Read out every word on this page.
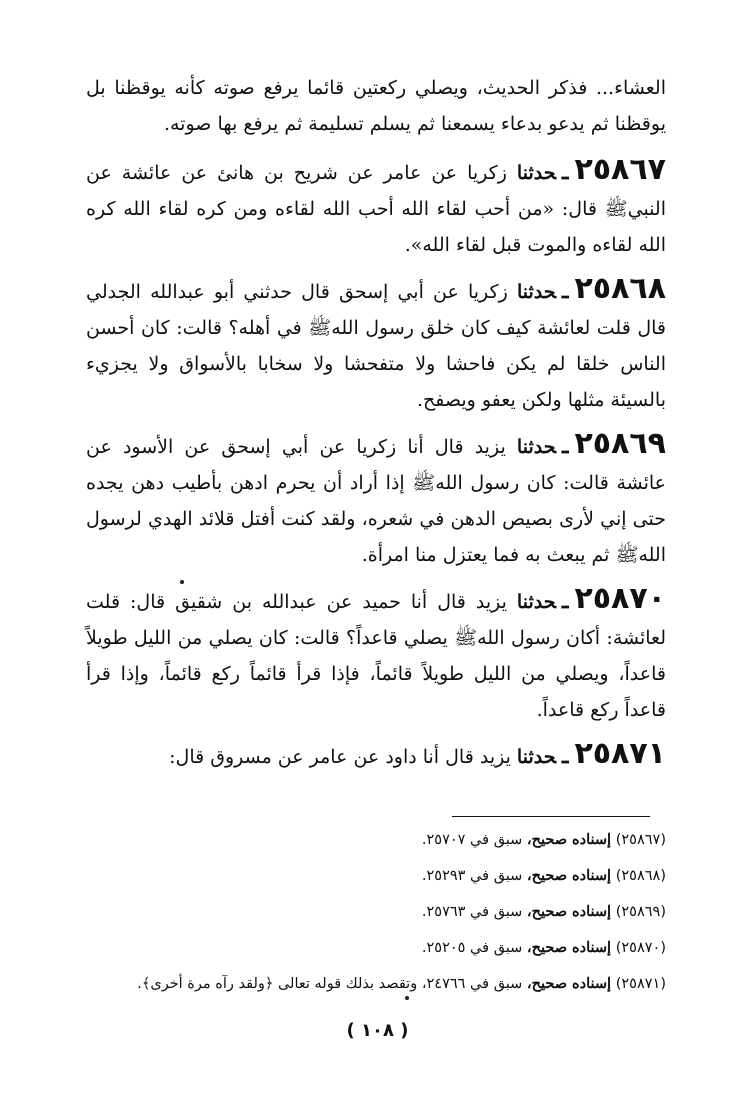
العشاء... فذكر الحديث، ويصلي ركعتين قائما يرفع صوته كأنه يوقظنا بل يوقظنا ثم يدعو بدعاء يسمعنا ثم يسلم تسليمة ثم يرفع بها صوته.

٢٥٨٦٧ـحدثنا زكريا عن عامر عن شريح بن هانئ عن عائشة عن النبيﷺ قال: «من أحب لقاء الله أحب الله لقاءه ومن كره لقاء الله كره الله لقاءه والموت قبل لقاء الله».

٢٥٨٦٨ـحدثنا زكريا عن أبي إسحق قال حدثني أبو عبدالله الجدلي قال قلت لعائشة كيف كان خلق رسول اللهﷺ في أهله؟ قالت: كان أحسن الناس خلقا لم يكن فاحشا ولا متفحشا ولا سخابا بالأسواق ولا يجزيء بالسيئة مثلها ولكن يعفو ويصفح.

٢٥٨٦٩ـحدثنا يزيد قال أنا زكريا عن أبي إسحق عن الأسود عن عائشة قالت: كان رسول اللهﷺ إذا أراد أن يحرم ادهن بأطيب دهن يجده حتى إني لأرى بصيص الدهن في شعره، ولقد كنت أفتل قلائد الهدي لرسول اللهﷺ ثم يبعث به فما يعتزل منا امرأة.

٢٥٨٧٠ـحدثنا يزيد قال أنا حميد عن عبدالله بن شقيق قال: قلت لعائشة: أكان رسول اللهﷺ يصلي قاعداً؟ قالت: كان يصلي من الليل طويلاً قاعداً، ويصلي من الليل طويلاً قائماً، فإذا قرأ قائماً ركع قائماً، وإذا قرأ قاعداً ركع قاعداً.

٢٥٨٧١ـحدثنا يزيد قال أنا داود عن عامر عن مسروق قال:

(٢٥٨٦٧) إسناده صحيح، سبق في ٢٥٧٠٧.

(٢٥٨٦٨) إسناده صحيح، سبق في ٢٥٢٩٣.

(٢٥٨٦٩) إسناده صحيح، سبق في ٢٥٧٦٣.

(٢٥٨٧٠) إسناده صحيح، سبق في ٢٥٢٠٥.

(٢٥٨٧١) إسناده صحيح، سبق في ٢٤٧٦٦، وتقصد بذلك قوله تعالى ﴿ولقد رآه مرة أخرى﴾.

( ١٠٨ )
